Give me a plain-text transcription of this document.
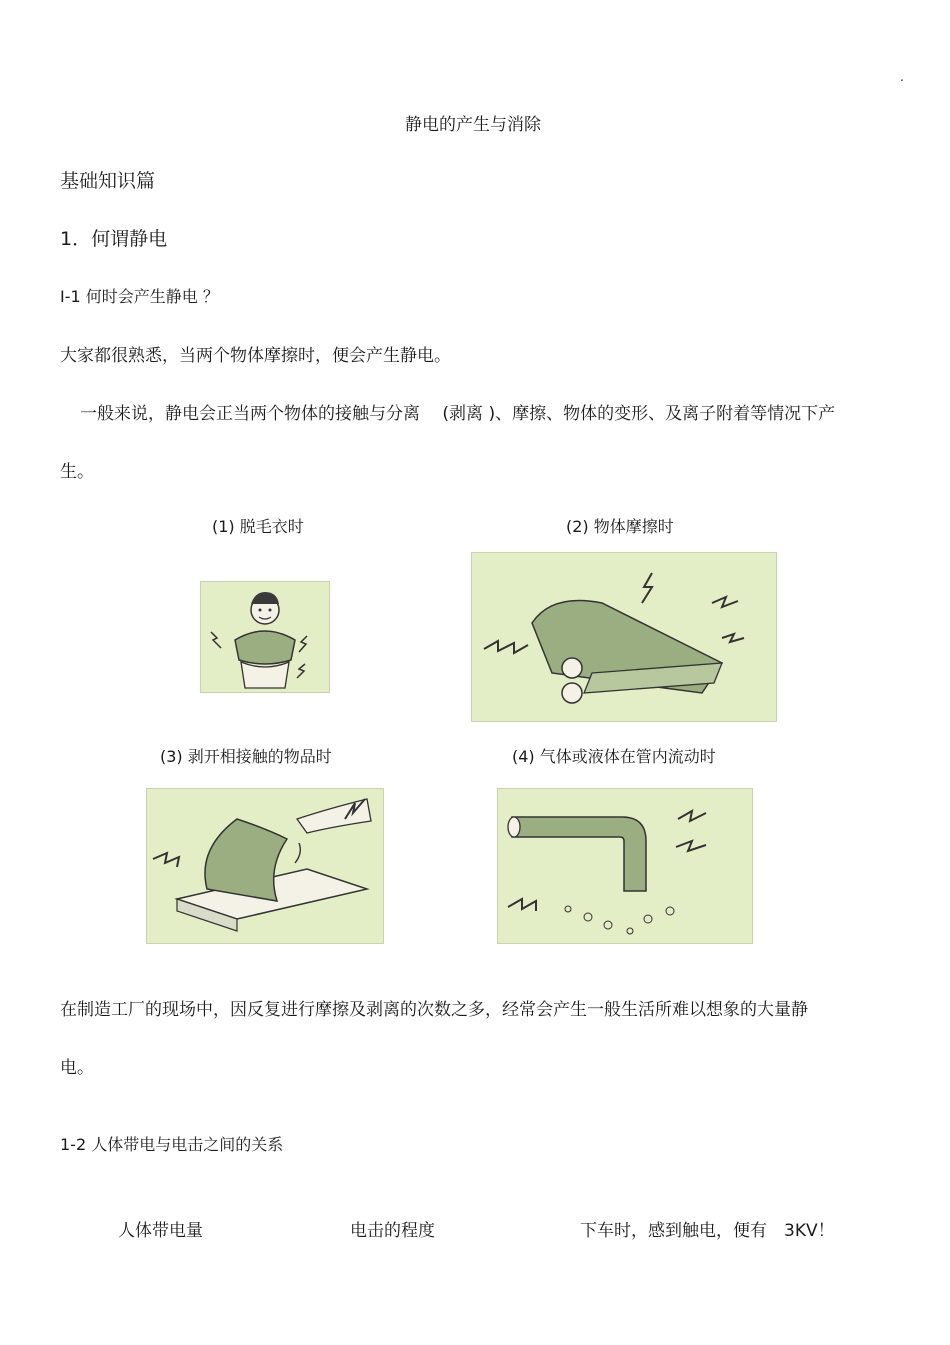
.
静电的产生与消除
基础知识篇
1．何谓静电
I-1 何时会产生静电 ？
大家都很熟悉，当两个物体摩擦时，便会产生静电。
一般来说，静电会正当两个物体的接触与分离 　(剥离 )、摩擦、物体的变形、及离子附着等情况下产
生。
(1) 脱毛衣时	(2) 物体摩擦时
(3) 剥开相接触的物品时	(4) 气体或液体在管内流动时
在制造工厂的现场中，因反复进行摩擦及剥离的次数之多，经常会产生一般生活所难以想象的大量静
电。
1-2 人体带电与电击之间的关系
人体带电量	电击的程度	下车时，感到触电，便有　3KV！
